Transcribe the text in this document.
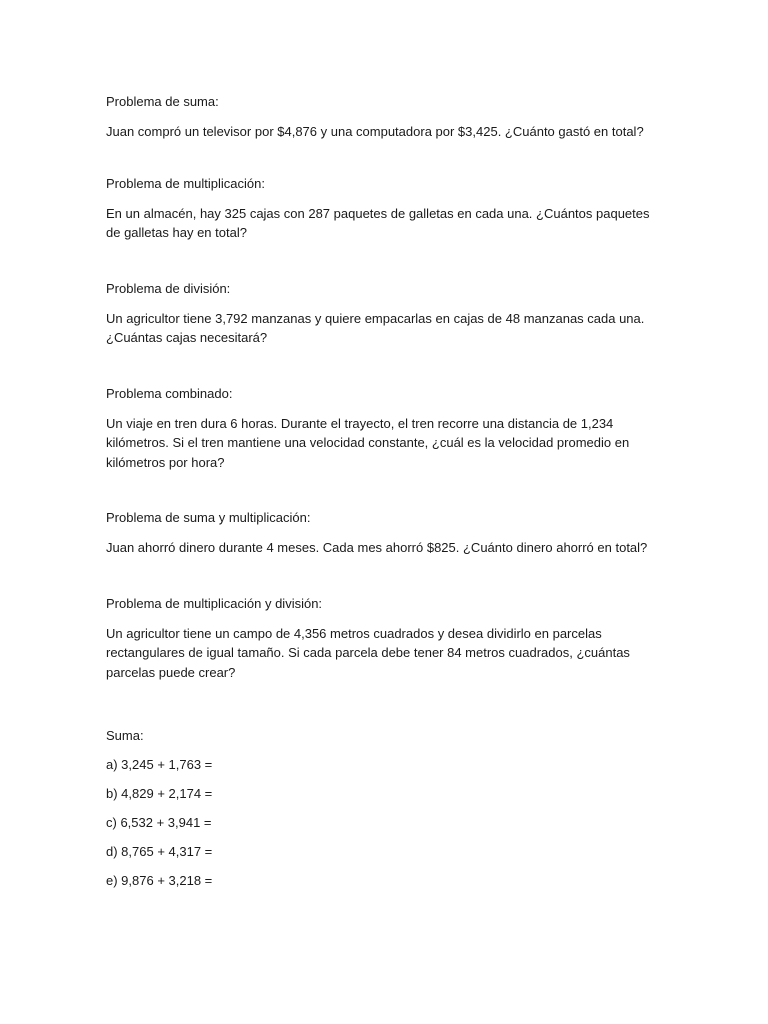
Problema de suma:

Juan compró un televisor por $4,876 y una computadora por $3,425. ¿Cuánto gastó en total?

Problema de multiplicación:

En un almacén, hay 325 cajas con 287 paquetes de galletas en cada una. ¿Cuántos paquetes de galletas hay en total?

Problema de división:

Un agricultor tiene 3,792 manzanas y quiere empacarlas en cajas de 48 manzanas cada una. ¿Cuántas cajas necesitará?

Problema combinado:

Un viaje en tren dura 6 horas. Durante el trayecto, el tren recorre una distancia de 1,234 kilómetros. Si el tren mantiene una velocidad constante, ¿cuál es la velocidad promedio en kilómetros por hora?

Problema de suma y multiplicación:

Juan ahorró dinero durante 4 meses. Cada mes ahorró $825. ¿Cuánto dinero ahorró en total?

Problema de multiplicación y división:

Un agricultor tiene un campo de 4,356 metros cuadrados y desea dividirlo en parcelas rectangulares de igual tamaño. Si cada parcela debe tener 84 metros cuadrados, ¿cuántas parcelas puede crear?

Suma:

a) 3,245 + 1,763 =

b) 4,829 + 2,174 =

c) 6,532 + 3,941 =

d) 8,765 + 4,317 =

e) 9,876 + 3,218 =
